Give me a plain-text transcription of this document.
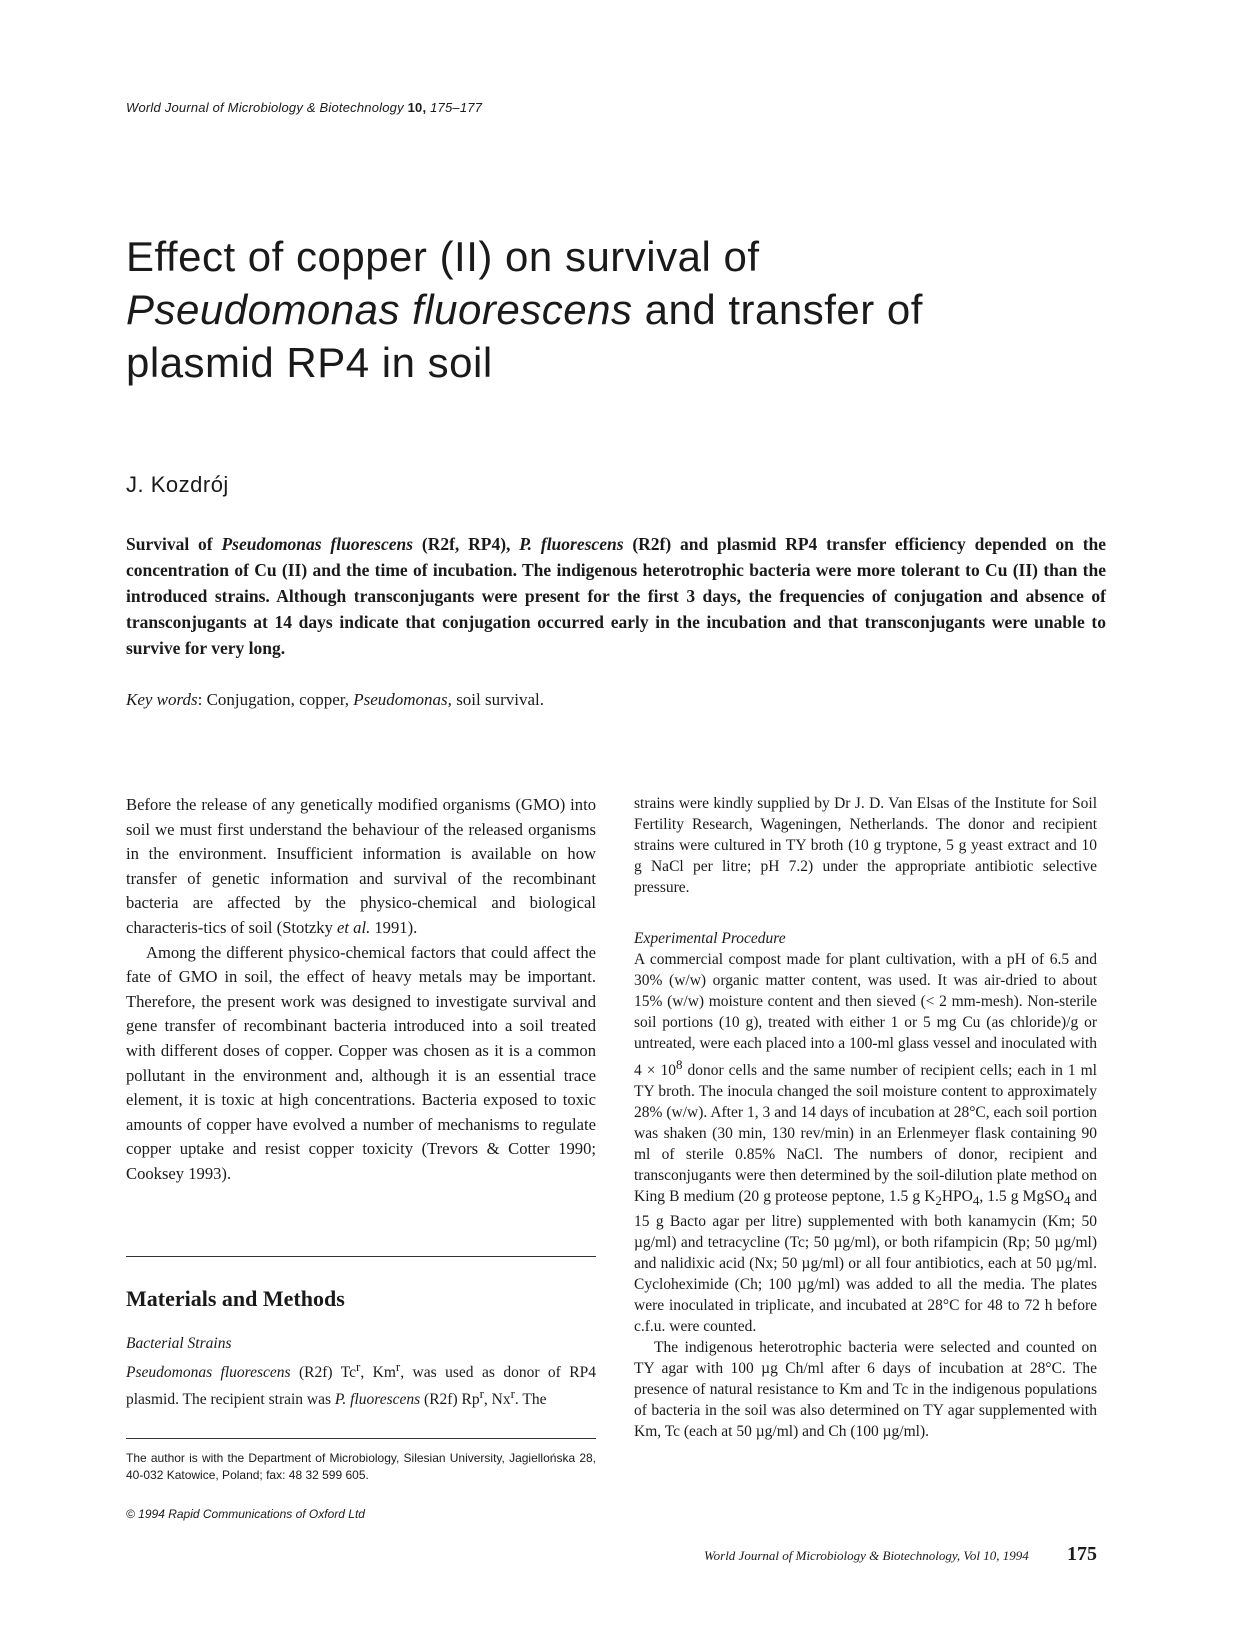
World Journal of Microbiology & Biotechnology 10, 175–177
Effect of copper (II) on survival of
Pseudomonas fluorescens and transfer of
plasmid RP4 in soil
J. Kozdrój

Survival of Pseudomonas fluorescens (R2f, RP4), P. fluorescens (R2f) and plasmid RP4 transfer efficiency depended on the concentration of Cu (II) and the time of incubation. The indigenous heterotrophic bacteria were more tolerant to Cu (II) than the introduced strains. Although transconjugants were present for the first 3 days, the frequencies of conjugation and absence of transconjugants at 14 days indicate that conjugation occurred early in the incubation and that transconjugants were unable to survive for very long.

Key words: Conjugation, copper, Pseudomonas, soil survival.

Before the release of any genetically modified organisms (GMO) into soil we must first understand the behaviour of the released organisms in the environment. Insufficient information is available on how transfer of genetic information and survival of the recombinant bacteria are affected by the physico-chemical and biological characteris-tics of soil (Stotzky et al. 1991).

Among the different physico-chemical factors that could affect the fate of GMO in soil, the effect of heavy metals may be important. Therefore, the present work was designed to investigate survival and gene transfer of recombinant bacteria introduced into a soil treated with different doses of copper. Copper was chosen as it is a common pollutant in the environment and, although it is an essential trace element, it is toxic at high concentrations. Bacteria exposed to toxic amounts of copper have evolved a number of mechanisms to regulate copper uptake and resist copper toxicity (Trevors & Cotter 1990; Cooksey 1993).

Materials and Methods
Bacterial Strains

Pseudomonas fluorescens (R2f) Tc$^r$, Km$^r$, was used as donor of RP4 plasmid. The recipient strain was P. fluorescens (R2f) Rp$^r$, Nx$^r$. The

The author is with the Department of Microbiology, Silesian University, Jagiellońska 28, 40-032 Katowice, Poland; fax: 48 32 599 605.

© 1994 Rapid Communications of Oxford Ltd

strains were kindly supplied by Dr J. D. Van Elsas of the Institute for Soil Fertility Research, Wageningen, Netherlands. The donor and recipient strains were cultured in TY broth (10 g tryptone, 5 g yeast extract and 10 g NaCl per litre; pH 7.2) under the appropriate antibiotic selective pressure.

Experimental Procedure

A commercial compost made for plant cultivation, with a pH of 6.5 and 30% (w/w) organic matter content, was used. It was air-dried to about 15% (w/w) moisture content and then sieved (< 2 mm-mesh). Non-sterile soil portions (10 g), treated with either 1 or 5 mg Cu (as chloride)/g or untreated, were each placed into a 100-ml glass vessel and inoculated with $4 \times 10^8$ donor cells and the same number of recipient cells; each in 1 ml TY broth. The inocula changed the soil moisture content to approximately 28% (w/w). After 1, 3 and 14 days of incubation at 28°C, each soil portion was shaken (30 min, 130 rev/min) in an Erlenmeyer flask containing 90 ml of sterile 0.85% NaCl. The numbers of donor, recipient and transconjugants were then determined by the soil-dilution plate method on King B medium (20 g proteose peptone, 1.5 g $K_2HPO_4$, 1.5 g MgSO$_4$ and 15 g Bacto agar per litre) supplemented with both kanamycin (Km; 50 µg/ml) and tetracycline (Tc; 50 µg/ml), or both rifampicin (Rp; 50 µg/ml) and nalidixic acid (Nx; 50 µg/ml) or all four antibiotics, each at 50 µg/ml. Cycloheximide (Ch; 100 µg/ml) was added to all the media. The plates were inoculated in triplicate, and incubated at 28°C for 48 to 72 h before c.f.u. were counted.

The indigenous heterotrophic bacteria were selected and counted on TY agar with 100 µg Ch/ml after 6 days of incubation at 28°C. The presence of natural resistance to Km and Tc in the indigenous populations of bacteria in the soil was also determined on TY agar supplemented with Km, Tc (each at 50 µg/ml) and Ch (100 µg/ml).

World Journal of Microbiology & Biotechnology, Vol 10, 1994 175
